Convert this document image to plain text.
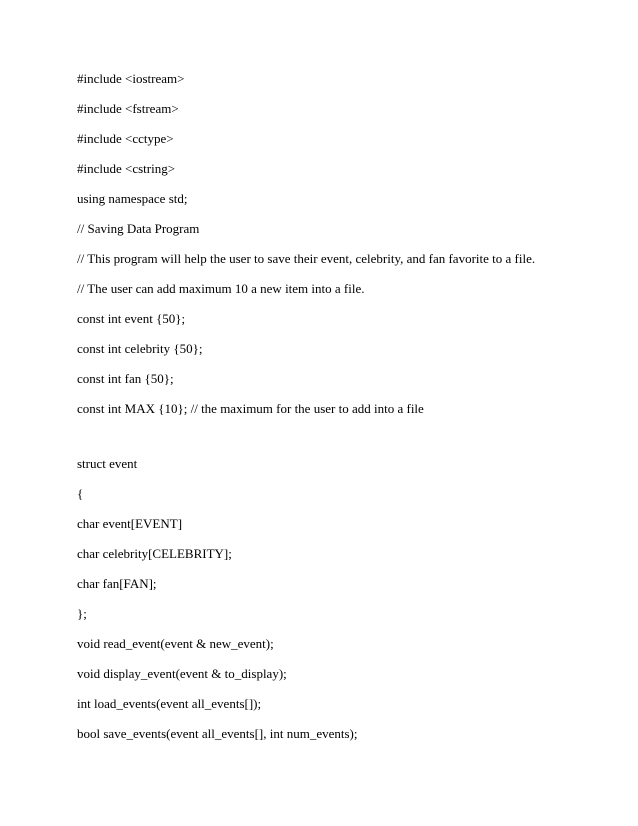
#include <iostream>
#include <fstream>
#include <cctype>
#include <cstring>
using namespace std;
// Saving Data Program
// This program will help the user to save their event, celebrity, and fan favorite to a file.
// The user can add maximum 10 a new item into a file.
const int event {50};
const int celebrity {50};
const int fan {50};
const int MAX {10}; // the maximum for the user to add into a file
struct event
{
char event[EVENT]
char celebrity[CELEBRITY];
char fan[FAN];
};
void read_event(event & new_event);
void display_event(event & to_display);
int load_events(event all_events[]);
bool save_events(event all_events[], int num_events);
